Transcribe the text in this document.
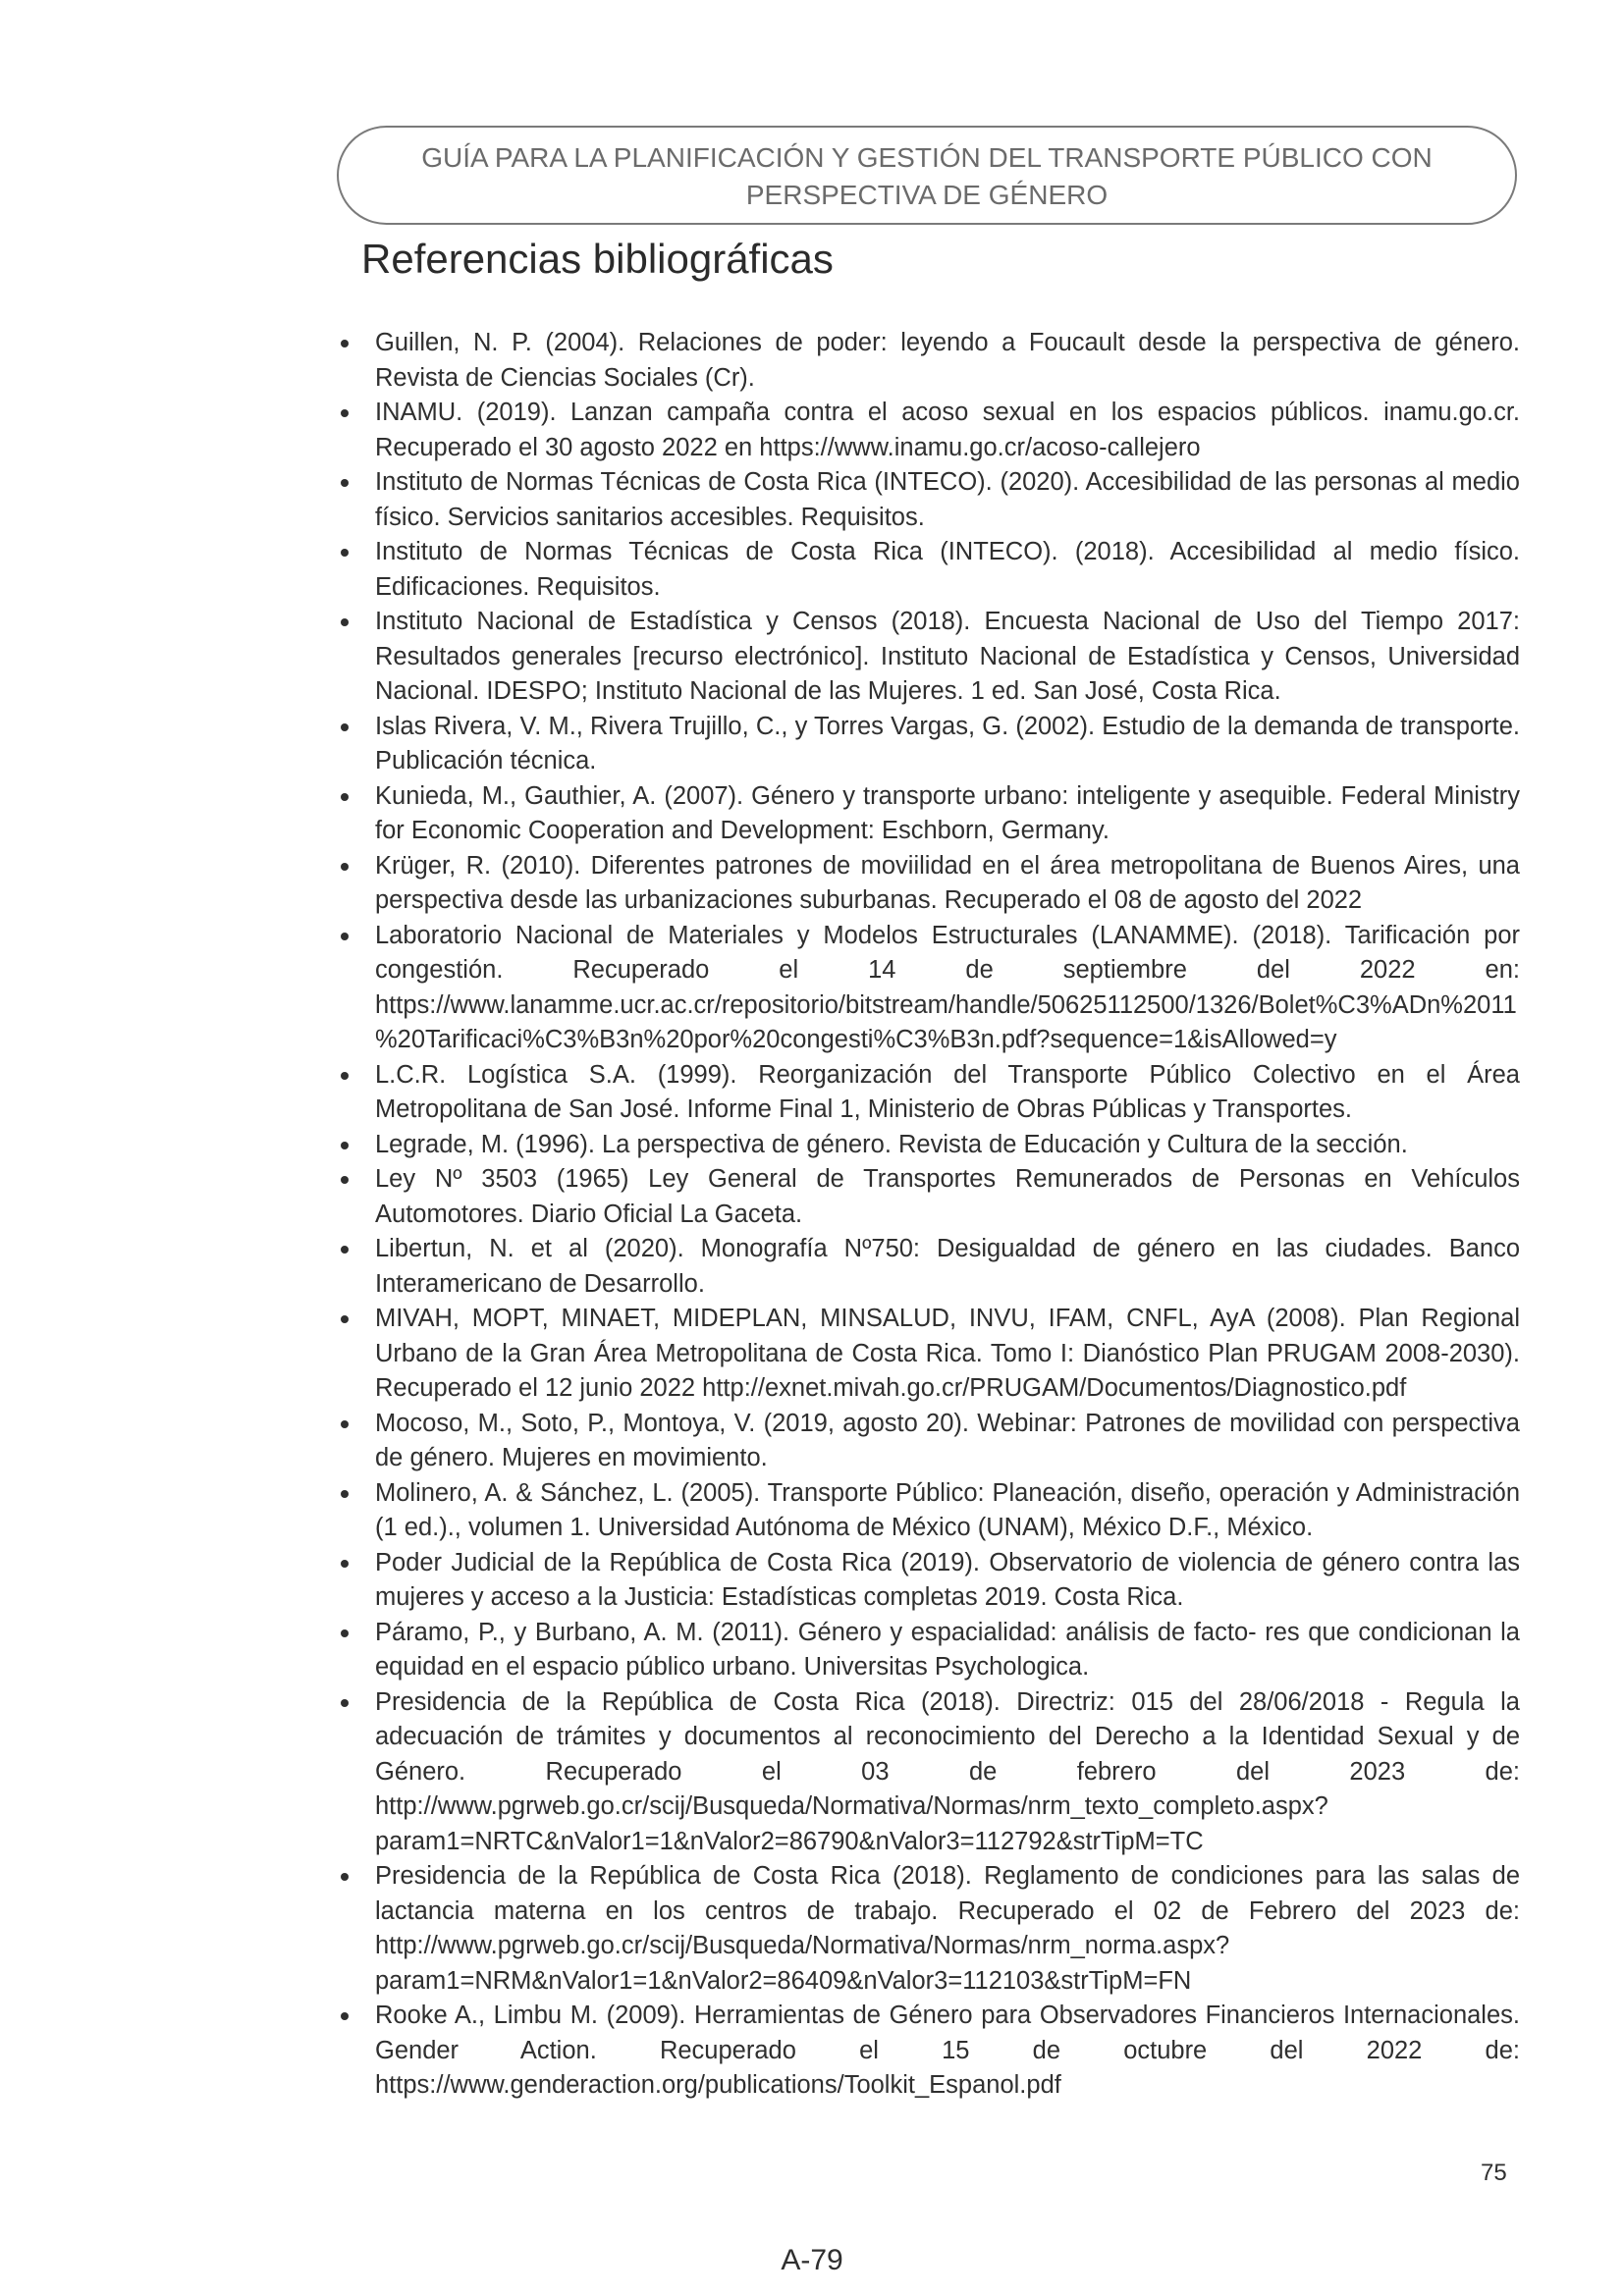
GUÍA PARA LA PLANIFICACIÓN Y GESTIÓN DEL TRANSPORTE PÚBLICO CON
PERSPECTIVA DE GÉNERO
Referencias bibliográficas
Guillen, N. P. (2004). Relaciones de poder: leyendo a Foucault desde la perspectiva de género. Revista de Ciencias Sociales (Cr).
INAMU. (2019). Lanzan campaña contra el acoso sexual en los espacios públicos. inamu.go.cr. Recuperado el 30 agosto 2022 en https://www.inamu.go.cr/acoso-callejero
Instituto de Normas Técnicas de Costa Rica (INTECO). (2020). Accesibilidad de las personas al medio físico. Servicios sanitarios accesibles. Requisitos.
Instituto de Normas Técnicas de Costa Rica (INTECO). (2018). Accesibilidad al medio físico. Edificaciones. Requisitos.
Instituto Nacional de Estadística y Censos (2018). Encuesta Nacional de Uso del Tiempo 2017: Resultados generales [recurso electrónico]. Instituto Nacional de Estadística y Censos, Universidad Nacional. IDESPO; Instituto Nacional de las Mujeres. 1 ed. San José, Costa Rica.
Islas Rivera, V. M., Rivera Trujillo, C., y Torres Vargas, G. (2002). Estudio de la demanda de transporte. Publicación técnica.
Kunieda, M., Gauthier, A. (2007). Género y transporte urbano: inteligente y asequible. Federal Ministry for Economic Cooperation and Development: Eschborn, Germany.
Krüger, R. (2010). Diferentes patrones de moviilidad en el área metropolitana de Buenos Aires, una perspectiva desde las urbanizaciones suburbanas. Recuperado el 08 de agosto del 2022
Laboratorio Nacional de Materiales y Modelos Estructurales (LANAMME). (2018). Tarificación por congestión. Recuperado el 14 de septiembre del 2022 en: https://www.lanamme.ucr.ac.cr/repositorio/bitstream/handle/50625112500/1326/Bolet%C3%ADn%2011%20Tarificaci%C3%B3n%20por%20congesti%C3%B3n.pdf?sequence=1&isAllowed=y
L.C.R. Logística S.A. (1999). Reorganización del Transporte Público Colectivo en el Área Metropolitana de San José. Informe Final 1, Ministerio de Obras Públicas y Transportes.
Legrade, M. (1996). La perspectiva de género. Revista de Educación y Cultura de la sección.
Ley Nº 3503 (1965) Ley General de Transportes Remunerados de Personas en Vehículos Automotores. Diario Oficial La Gaceta.
Libertun, N. et al (2020). Monografía Nº750: Desigualdad de género en las ciudades. Banco Interamericano de Desarrollo.
MIVAH, MOPT, MINAET, MIDEPLAN, MINSALUD, INVU, IFAM, CNFL, AyA (2008). Plan Regional Urbano de la Gran Área Metropolitana de Costa Rica. Tomo I: Dianóstico Plan PRUGAM 2008-2030). Recuperado el 12 junio 2022 http://exnet.mivah.go.cr/PRUGAM/Documentos/Diagnostico.pdf
Mocoso, M., Soto, P., Montoya, V. (2019, agosto 20). Webinar: Patrones de movilidad con perspectiva de género. Mujeres en movimiento.
Molinero, A. & Sánchez, L. (2005). Transporte Público: Planeación, diseño, operación y Administración (1 ed.)., volumen 1. Universidad Autónoma de México (UNAM), México D.F., México.
Poder Judicial de la República de Costa Rica (2019). Observatorio de violencia de género contra las mujeres y acceso a la Justicia: Estadísticas completas 2019. Costa Rica.
Páramo, P., y Burbano, A. M. (2011). Género y espacialidad: análisis de facto- res que condicionan la equidad en el espacio público urbano. Universitas Psychologica.
Presidencia de la República de Costa Rica (2018). Directriz: 015 del 28/06/2018 - Regula la adecuación de trámites y documentos al reconocimiento del Derecho a la Identidad Sexual y de Género. Recuperado el 03 de febrero del 2023 de: http://www.pgrweb.go.cr/scij/Busqueda/Normativa/Normas/nrm_texto_completo.aspx?param1=NRTC&nValor1=1&nValor2=86790&nValor3=112792&strTipM=TC
Presidencia de la República de Costa Rica (2018). Reglamento de condiciones para las salas de lactancia materna en los centros de trabajo. Recuperado el 02 de Febrero del 2023 de: http://www.pgrweb.go.cr/scij/Busqueda/Normativa/Normas/nrm_norma.aspx?param1=NRM&nValor1=1&nValor2=86409&nValor3=112103&strTipM=FN
Rooke A., Limbu M. (2009). Herramientas de Género para Observadores Financieros Internacionales. Gender Action. Recuperado el 15 de octubre del 2022 de: https://www.genderaction.org/publications/Toolkit_Espanol.pdf
75
A-79
